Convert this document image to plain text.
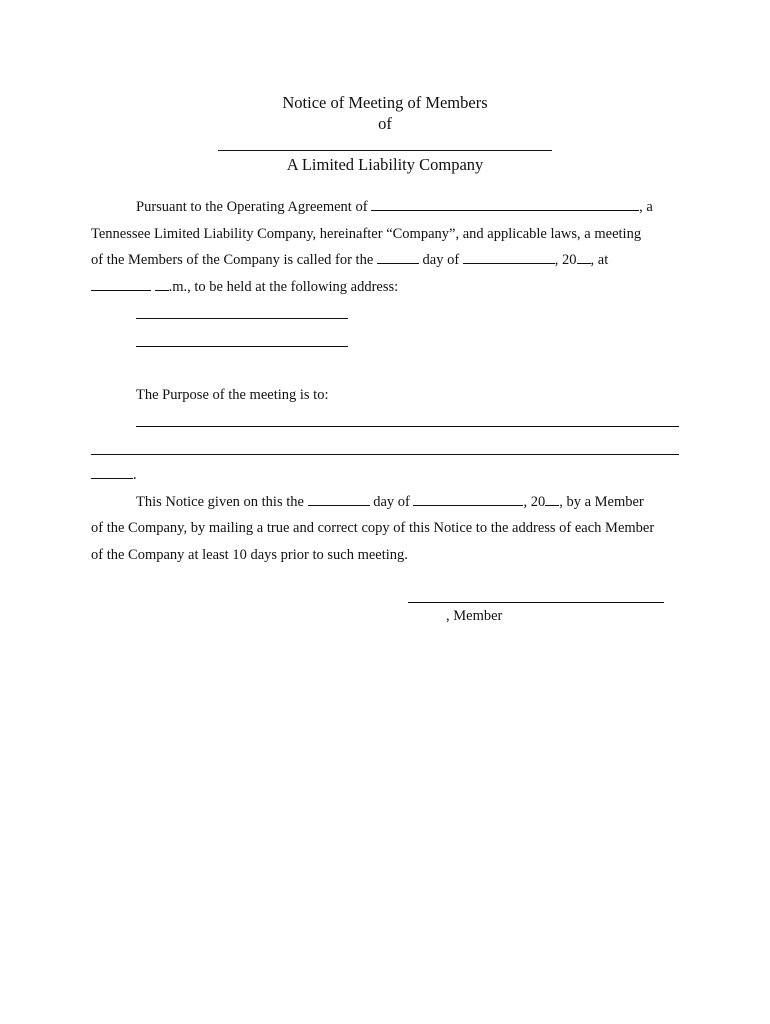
Notice of Meeting of Members
of
A Limited Liability Company
Pursuant to the Operating Agreement of	, a
Tennessee Limited Liability Company, hereinafter “Company”, and applicable laws, a meeting
of the Members of the Company is called for the	day of	, 20 , at
.m., to be held at the following address:
The Purpose of the meeting is to:
.
This Notice given on this the	day of	, 20 , by a Member
of the Company, by mailing a true and correct copy of this Notice to the address of each Member
of the Company at least 10 days prior to such meeting.
, Member
